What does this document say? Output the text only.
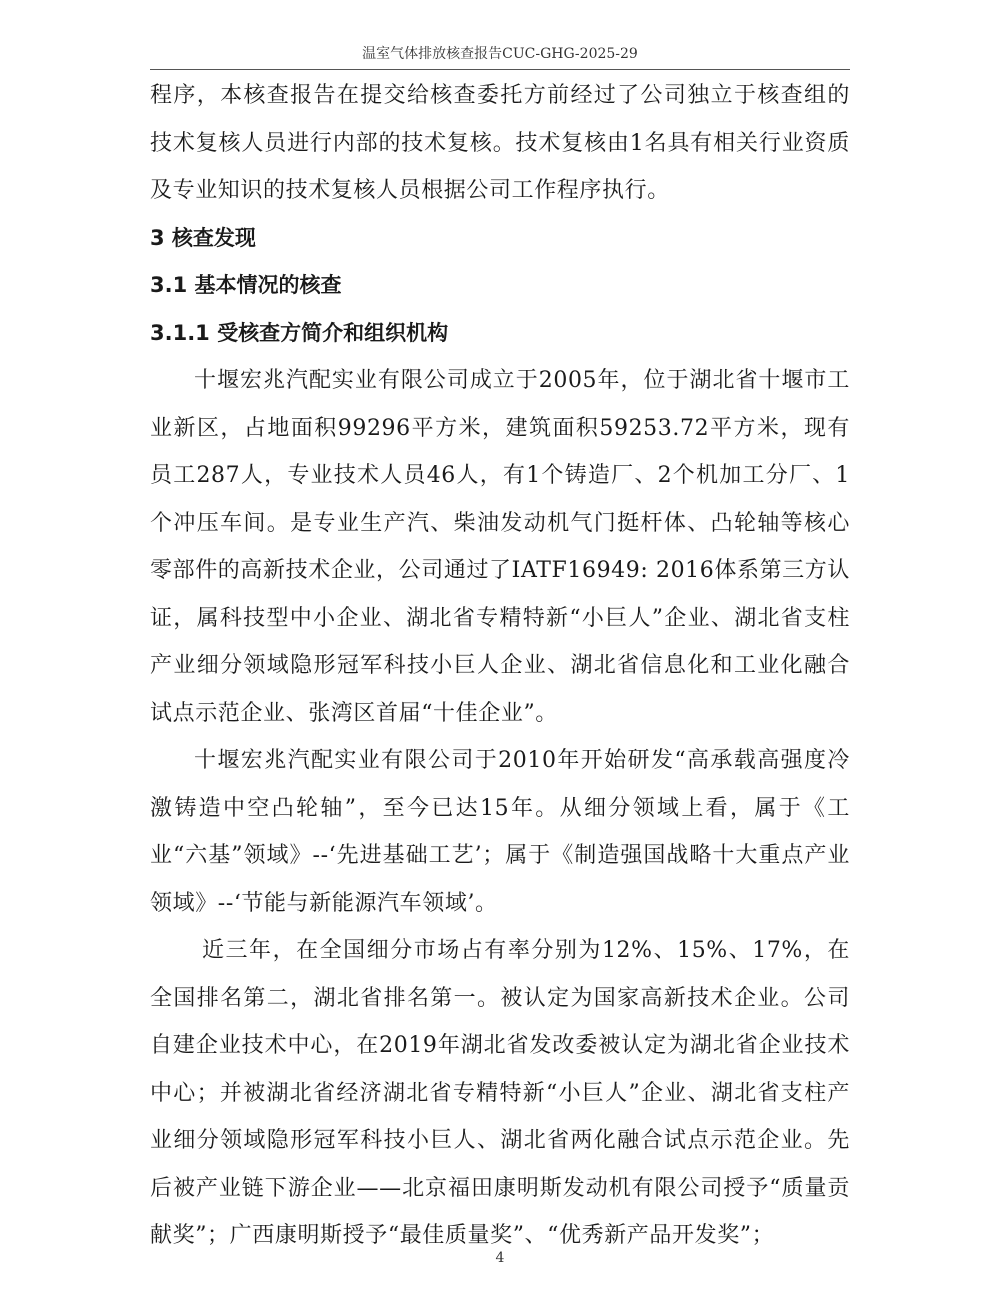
温室气体排放核查报告CUC-GHG-2025-29

程序，本核查报告在提交给核查委托方前经过了公司独立于核查组的技术复核人员进行内部的技术复核。技术复核由1名具有相关行业资质及专业知识的技术复核人员根据公司工作程序执行。

3 核查发现

3.1 基本情况的核查

3.1.1 受核查方简介和组织机构

十堰宏兆汽配实业有限公司成立于2005年，位于湖北省十堰市工业新区，占地面积99296平方米，建筑面积59253.72平方米，现有员工287人，专业技术人员46人，有1个铸造厂、2个机加工分厂、1个冲压车间。是专业生产汽、柴油发动机气门挺杆体、凸轮轴等核心零部件的高新技术企业，公司通过了IATF16949: 2016体系第三方认证，属科技型中小企业、湖北省专精特新“小巨人”企业、湖北省支柱产业细分领域隐形冠军科技小巨人企业、湖北省信息化和工业化融合试点示范企业、张湾区首届“十佳企业”。

十堰宏兆汽配实业有限公司于2010年开始研发“高承载高强度冷激铸造中空凸轮轴”，至今已达15年。从细分领域上看，属于《工业“六基”领域》--‘先进基础工艺’；属于《制造强国战略十大重点产业领域》--‘节能与新能源汽车领域’。

近三年，在全国细分市场占有率分别为12%、15%、17%，在全国排名第二，湖北省排名第一。被认定为国家高新技术企业。公司自建企业技术中心，在2019年湖北省发改委被认定为湖北省企业技术中心；并被湖北省经济湖北省专精特新“小巨人”企业、湖北省支柱产业细分领域隐形冠军科技小巨人、湖北省两化融合试点示范企业。先后被产业链下游企业——北京福田康明斯发动机有限公司授予“质量贡献奖”；广西康明斯授予“最佳质量奖”、“优秀新产品开发奖”；

4
